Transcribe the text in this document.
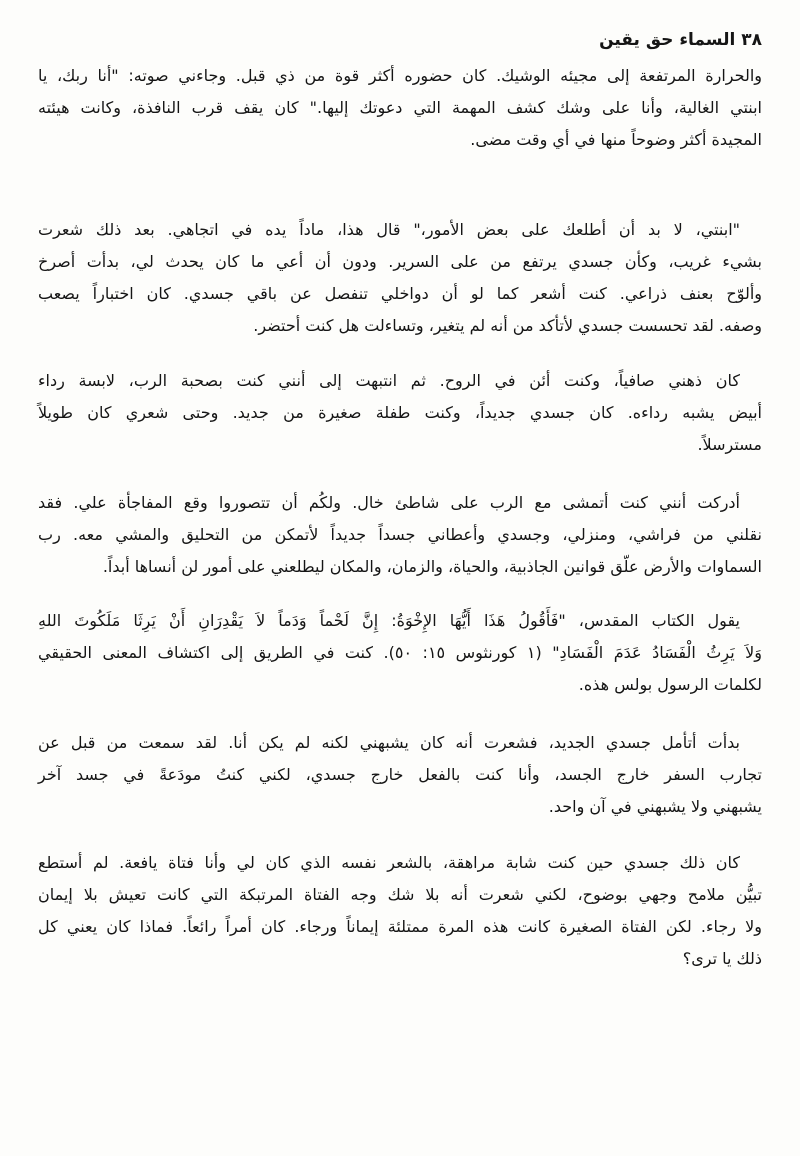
٣٨ السماء حق يقين
والحرارة المرتفعة إلى مجيئه الوشيك. كان حضوره أكثر قوة من ذي قبل. وجاءني صوته: "أنا ربك، يا
ابنتي الغالية، وأنا على وشك كشف المهمة التي دعوتك إليها." كان يقف قرب النافذة، وكانت هيئته
المجيدة أكثر وضوحاً منها في أي وقت مضى.
"ابنتي، لا بد أن أطلعك على بعض الأمور،" قال هذا، ماداً يده في اتجاهي. بعد ذلك شعرت
بشيء غريب، وكأن جسدي يرتفع من على السرير. ودون أن أعي ما كان يحدث لي، بدأت أصرخ
وألوّح بعنف ذراعي. كنت أشعر كما لو أن دواخلي تنفصل عن باقي جسدي. كان اختباراً يصعب
وصفه. لقد تحسست جسدي لأتأكد من أنه لم يتغير، وتساءلت هل كنت أحتضر.
كان ذهني صافياً، وكنت أئن في الروح. ثم انتبهت إلى أنني كنت بصحبة الرب، لابسة رداء
أبيض يشبه رداءه. كان جسدي جديداً، وكنت طفلة صغيرة من جديد. وحتى شعري كان طويلاً
مسترسلاً.
أدركت أنني كنت أتمشى مع الرب على شاطئ خال. ولكُم أن تتصوروا وقع المفاجأة علي. فقد
نقلني من فراشي، ومنزلي، وجسدي وأعطاني جسداً جديداً لأتمكن من التحليق والمشي معه. رب
السماوات والأرض علّق قوانين الجاذبية، والحياة، والزمان، والمكان ليطلعني على أمور لن أنساها أبداً.
يقول الكتاب المقدس، "فَأَقُولُ هَذَا أَيُّهَا الإِخْوَةُ: إِنَّ لَحْماً وَدَماً لاَ يَقْدِرَانِ أَنْ يَرِثَا مَلَكُوتَ اللهِ
وَلاَ يَرِثُ الْفَسَادُ عَدَمَ الْفَسَادِ" (١ كورنثوس ١٥: ٥٠). كنت في الطريق إلى اكتشاف المعنى الحقيقي
لكلمات الرسول بولس هذه.
بدأت أتأمل جسدي الجديد، فشعرت أنه كان يشبهني لكنه لم يكن أنا. لقد سمعت من قبل عن
تجارب السفر خارج الجسد، وأنا كنت بالفعل خارج جسدي، لكني كنتُ مودَعةً في جسد آخر
يشبهني ولا يشبهني في آن واحد.
كان ذلك جسدي حين كنت شابة مراهقة، بالشعر نفسه الذي كان لي وأنا فتاة يافعة. لم أستطع
تبيُّن ملامح وجهي بوضوح، لكني شعرت أنه بلا شك وجه الفتاة المرتبكة التي كانت تعيش بلا إيمان
ولا رجاء. لكن الفتاة الصغيرة كانت هذه المرة ممتلئة إيماناً ورجاء. كان أمراً رائعاً. فماذا كان يعني كل
ذلك يا ترى؟
